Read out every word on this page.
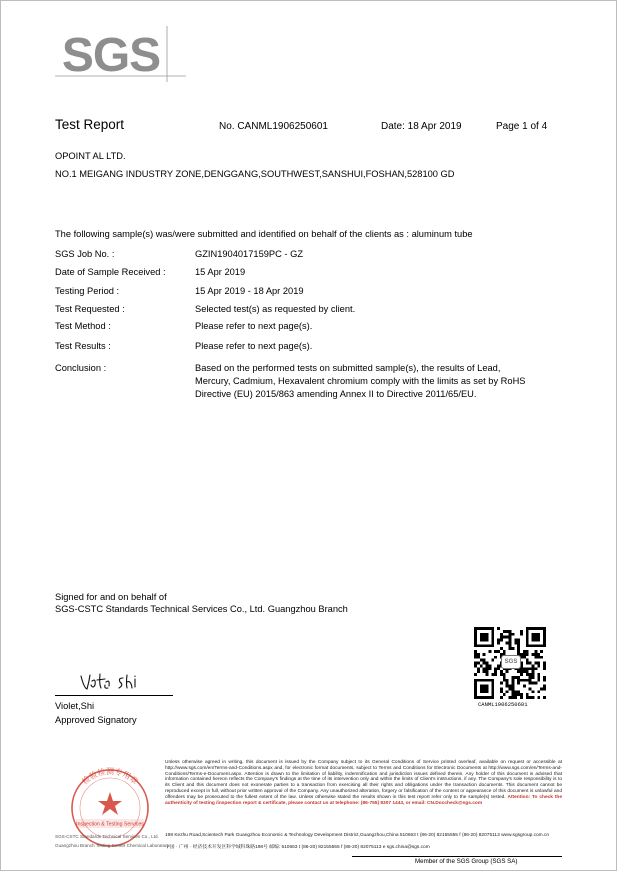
SGS
Test Report	No. CANML1906250601	Date: 18 Apr 2019	Page 1 of 4
OPOINT AL LTD.
NO.1 MEIGANG INDUSTRY ZONE,DENGGANG,SOUTHWEST,SANSHUI,FOSHAN,528100 GD
The following sample(s) was/were submitted and identified on behalf of the clients as : aluminum tube
SGS Job No. :	GZIN1904017159PC - GZ
Date of Sample Received :	15 Apr 2019
Testing Period :	15 Apr 2019 - 18 Apr 2019
Test Requested :	Selected test(s) as requested by client.
Test Method :	Please refer to next page(s).
Test Results :	Please refer to next page(s).
Conclusion :	Based on the performed tests on submitted sample(s), the results of Lead,
Mercury, Cadmium, Hexavalent chromium comply with the limits as set by RoHS
Directive (EU) 2015/863 amending Annex II to Directive 2011/65/EU.
Signed for and on behalf of
SGS-CSTC Standards Technical Services Co., Ltd. Guangzhou Branch
Violet,Shi
Approved Signatory
SGS
CANML1906250601
检验检测专用章
Inspection & Testing Services
Unless otherwise agreed in writing, this document is issued by the Company subject to its General Conditions of Service printed overleaf, available on request or accessible at http://www.sgs.com/en/Terms-and-Conditions.aspx and, for electronic format documents, subject to Terms and Conditions for Electronic Documents at http://www.sgs.com/en/Terms-and-Conditions/Terms-e-Document.aspx. Attention is drawn to the limitation of liability, indemnification and jurisdiction issues defined therein. Any holder of this document is advised that information contained hereon reflects the Company's findings at the time of its intervention only and within the limits of Client's instructions, if any. The Company's sole responsibility is to its Client and this document does not exonerate parties to a transaction from exercising all their rights and obligations under the transaction documents. This document cannot be reproduced except in full, without prior written approval of the Company. Any unauthorized alteration, forgery or falsification of the content or appearance of this document is unlawful and offenders may be prosecuted to the fullest extent of the law. Unless otherwise stated the results shown in this test report refer only to the sample(s) tested. Attention: To check the authenticity of testing /inspection report & certificate, please contact us at telephone: (86-755) 8307 1443, or email: CN.Doccheck@sgs.com
198 Kezhu Road,Scientech Park Guangzhou Economic & Technology Development District,Guangzhou,China 510663 t (86-20) 82155555 f (86-20) 82075113 www.sgsgroup.com.cn
中国 · 广州 · 经济技术开发区科学城科珠路198号 邮编: 510663 t (86-20) 82155555 f (86-20) 82075113 e sgs.china@sgs.com
SGS-CSTC Standards Technical Services Co., Ltd.
Guangzhou Branch Testing Center Chemical Laboratory
Member of the SGS Group (SGS SA)
